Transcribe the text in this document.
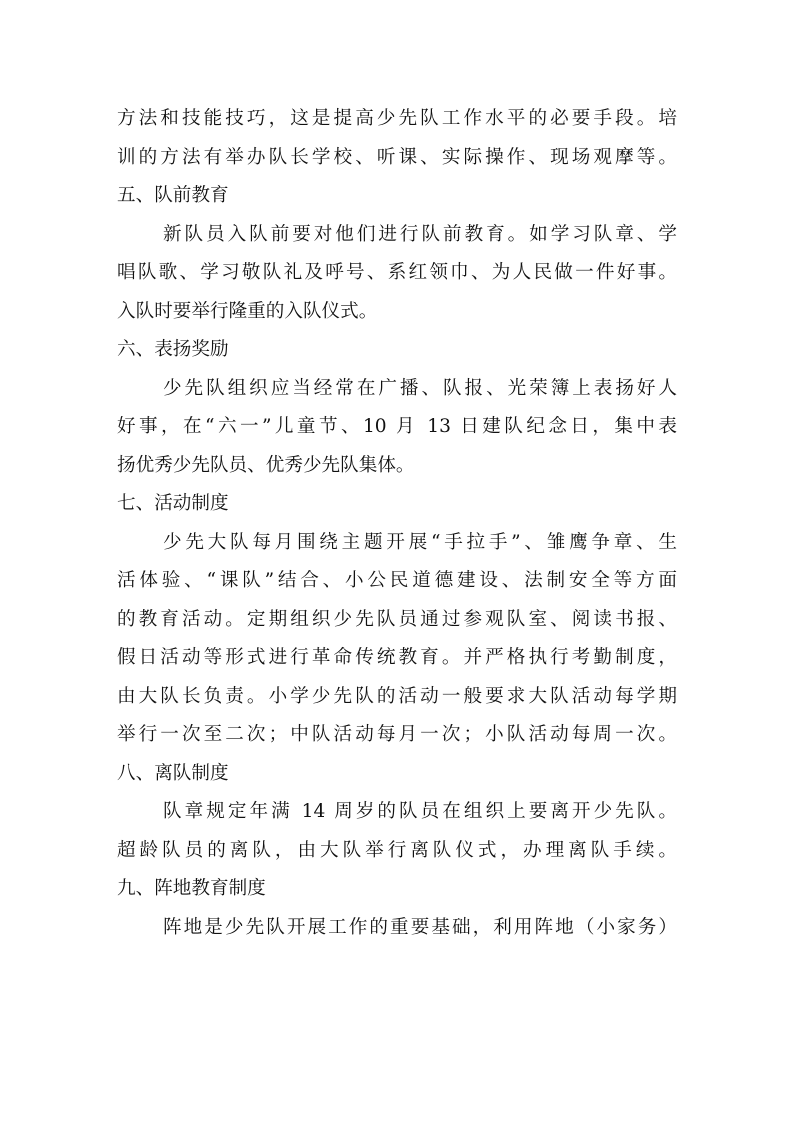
方法和技能技巧，这是提高少先队工作水平的必要手段。培
训的方法有举办队长学校、听课、实际操作、现场观摩等。
五、队前教育
新队员入队前要对他们进行队前教育。如学习队章、学
唱队歌、学习敬队礼及呼号、系红领巾、为人民做一件好事。
入队时要举行隆重的入队仪式。
六、表扬奖励
少先队组织应当经常在广播、队报、光荣簿上表扬好人
好事，在“六一”儿童节、10 月 13 日建队纪念日，集中表
扬优秀少先队员、优秀少先队集体。
七、活动制度
少先大队每月围绕主题开展“手拉手”、雏鹰争章、生
活体验、“课队”结合、小公民道德建设、法制安全等方面
的教育活动。定期组织少先队员通过参观队室、阅读书报、
假日活动等形式进行革命传统教育。并严格执行考勤制度，
由大队长负责。小学少先队的活动一般要求大队活动每学期
举行一次至二次；中队活动每月一次；小队活动每周一次。
八、离队制度
队章规定年满 14 周岁的队员在组织上要离开少先队。
超龄队员的离队，由大队举行离队仪式，办理离队手续。
九、阵地教育制度
阵地是少先队开展工作的重要基础，利用阵地（小家务）
